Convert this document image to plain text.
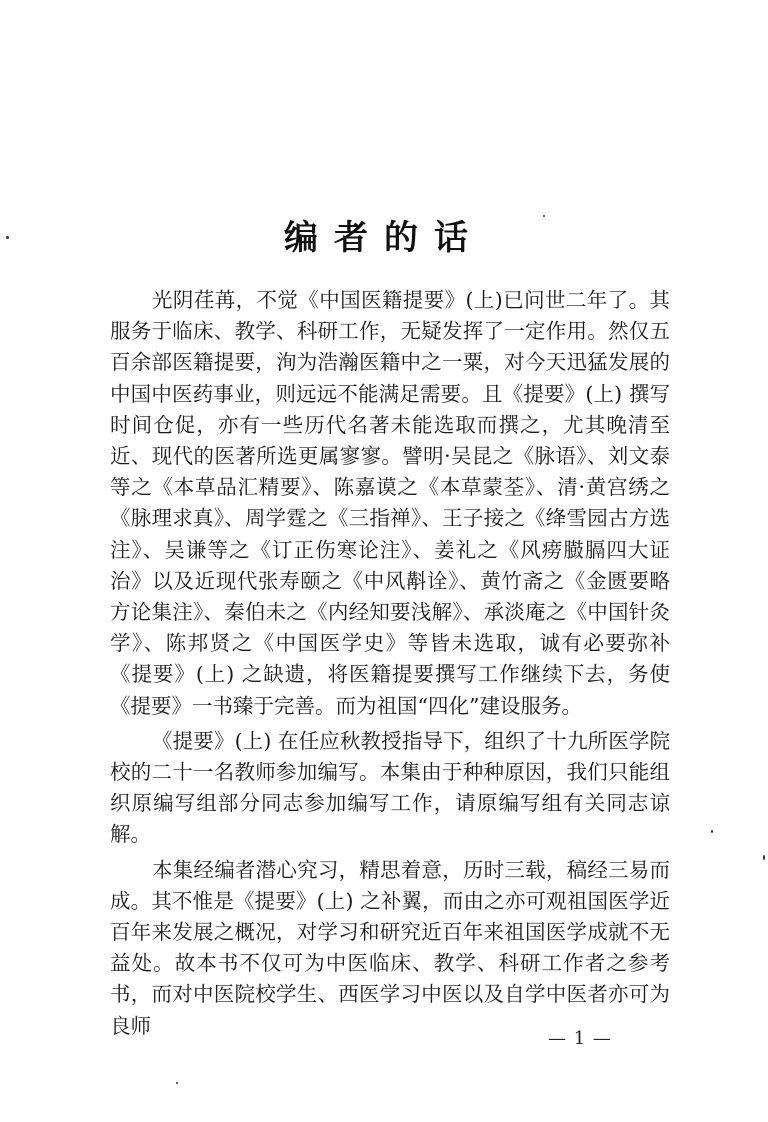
编者的话

光阴荏苒，不觉《中国医籍提要》(上)已问世二年了。其服务于临床、教学、科研工作，无疑发挥了一定作用。然仅五百余部医籍提要，洵为浩瀚医籍中之一粟，对今天迅猛发展的中国中医药事业，则远远不能满足需要。且《提要》(上) 撰写时间仓促，亦有一些历代名著未能选取而撰之，尤其晚清至近、现代的医著所选更属寥寥。譬明·吴昆之《脉语》、刘文泰等之《本草品汇精要》、陈嘉谟之《本草蒙荃》、清·黄宫绣之《脉理求真》、周学霆之《三指禅》、王子接之《绛雪园古方选注》、吴谦等之《订正伤寒论注》、姜礼之《风痨臌膈四大证治》以及近现代张寿颐之《中风斠诠》、黄竹斋之《金匮要略方论集注》、秦伯未之《内经知要浅解》、承淡庵之《中国针灸学》、陈邦贤之《中国医学史》等皆未选取，诚有必要弥补《提要》(上) 之缺遗，将医籍提要撰写工作继续下去，务使《提要》一书臻于完善。而为祖国“四化”建设服务。

《提要》(上) 在任应秋教授指导下，组织了十九所医学院校的二十一名教师参加编写。本集由于种种原因，我们只能组织原编写组部分同志参加编写工作，请原编写组有关同志谅解。

本集经编者潜心究习，精思着意，历时三载，稿经三易而成。其不惟是《提要》(上) 之补翼，而由之亦可观祖国医学近百年来发展之概况，对学习和研究近百年来祖国医学成就不无益处。故本书不仅可为中医临床、教学、科研工作者之参考书，而对中医院校学生、西医学习中医以及自学中医者亦可为良师

— 1 —
